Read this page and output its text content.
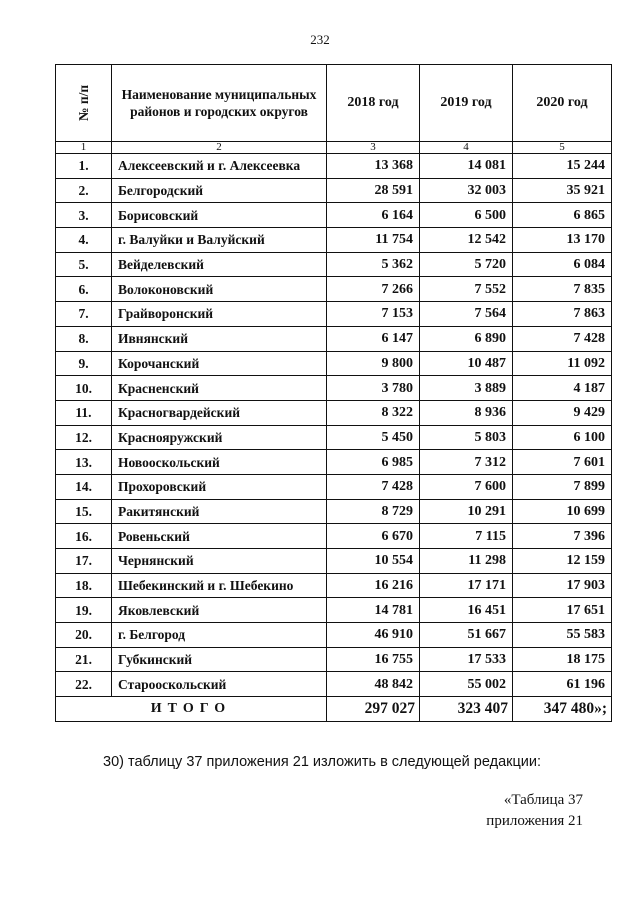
232
№ п/п	Наименование муниципальных районов и городских округов	2018 год	2019 год	2020 год
1	2	3	4	5
1.	Алексеевский и г. Алексеевка	13 368	14 081	15 244
2.	Белгородский	28 591	32 003	35 921
3.	Борисовский	6 164	6 500	6 865
4.	г. Валуйки и Валуйский	11 754	12 542	13 170
5.	Вейделевский	5 362	5 720	6 084
6.	Волоконовский	7 266	7 552	7 835
7.	Грайворонский	7 153	7 564	7 863
8.	Ивнянский	6 147	6 890	7 428
9.	Корочанский	9 800	10 487	11 092
10.	Красненский	3 780	3 889	4 187
11.	Красногвардейский	8 322	8 936	9 429
12.	Краснояружский	5 450	5 803	6 100
13.	Новооскольский	6 985	7 312	7 601
14.	Прохоровский	7 428	7 600	7 899
15.	Ракитянский	8 729	10 291	10 699
16.	Ровеньский	6 670	7 115	7 396
17.	Чернянский	10 554	11 298	12 159
18.	Шебекинский и г. Шебекино	16 216	17 171	17 903
19.	Яковлевский	14 781	16 451	17 651
20.	г. Белгород	46 910	51 667	55 583
21.	Губкинский	16 755	17 533	18 175
22.	Старооскольский	48 842	55 002	61 196
ИТОГО		297 027	323 407	347 480»;
30) таблицу 37 приложения 21 изложить в следующей редакции:
«Таблица 37
приложения 21
